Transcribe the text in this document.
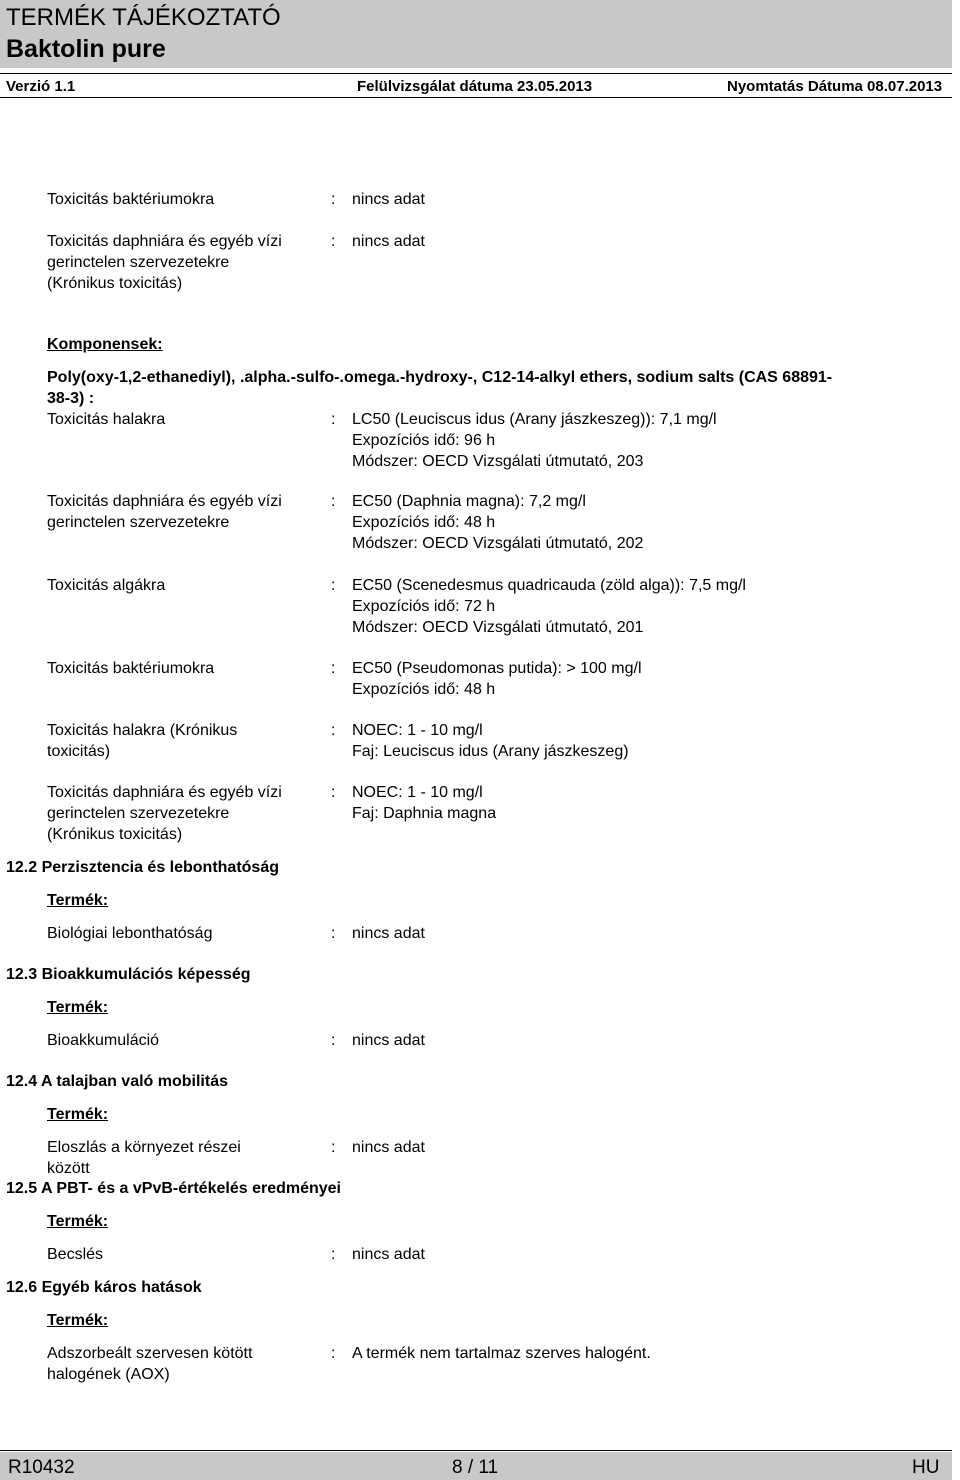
TERMÉK TÁJÉKOZTATÓ
Baktolin pure
Verzió 1.1	Felülvizsgálat dátuma 23.05.2013	Nyomtatás Dátuma 08.07.2013
Toxicitás baktériumokra	: nincs adat
Toxicitás daphniára és egyéb vízi gerinctelen szervezetekre (Krónikus toxicitás)
: nincs adat
Komponensek:
Poly(oxy-1,2-ethanediyl), .alpha.-sulfo-.omega.-hydroxy-, C12-14-alkyl ethers, sodium salts (CAS 68891-
38-3) :
Toxicitás halakra	: LC50 (Leuciscus idus (Arany jászkeszeg)): 7,1 mg/l
Expozíciós idő: 96 h
Módszer: OECD Vizsgálati útmutató, 203
Toxicitás daphniára és egyéb vízi gerinctelen szervezetekre
: EC50 (Daphnia magna): 7,2 mg/l
Expozíciós idő: 48 h
Módszer: OECD Vizsgálati útmutató, 202
Toxicitás algákra	: EC50 (Scenedesmus quadricauda (zöld alga)): 7,5 mg/l
Expozíciós idő: 72 h
Módszer: OECD Vizsgálati útmutató, 201
Toxicitás baktériumokra	: EC50 (Pseudomonas putida): > 100 mg/l
Expozíciós idő: 48 h
Toxicitás halakra (Krónikus toxicitás)
: NOEC: 1 - 10 mg/l
Faj: Leuciscus idus (Arany jászkeszeg)
Toxicitás daphniára és egyéb vízi gerinctelen szervezetekre (Krónikus toxicitás)
: NOEC: 1 - 10 mg/l
Faj: Daphnia magna
12.2 Perzisztencia és lebonthatóság
Termék:
Biológiai lebonthatóság	: nincs adat
12.3 Bioakkumulációs képesség
Termék:
Bioakkumuláció	: nincs adat
12.4 A talajban való mobilitás
Termék:
Eloszlás a környezet részei között
: nincs adat
12.5 A PBT- és a vPvB-értékelés eredményei
Termék:
Becslés	: nincs adat
12.6 Egyéb káros hatások
Termék:
Adszorbeált szervesen kötött halogének (AOX)
: A termék nem tartalmaz szerves halogént.
R10432	8 / 11	HU
